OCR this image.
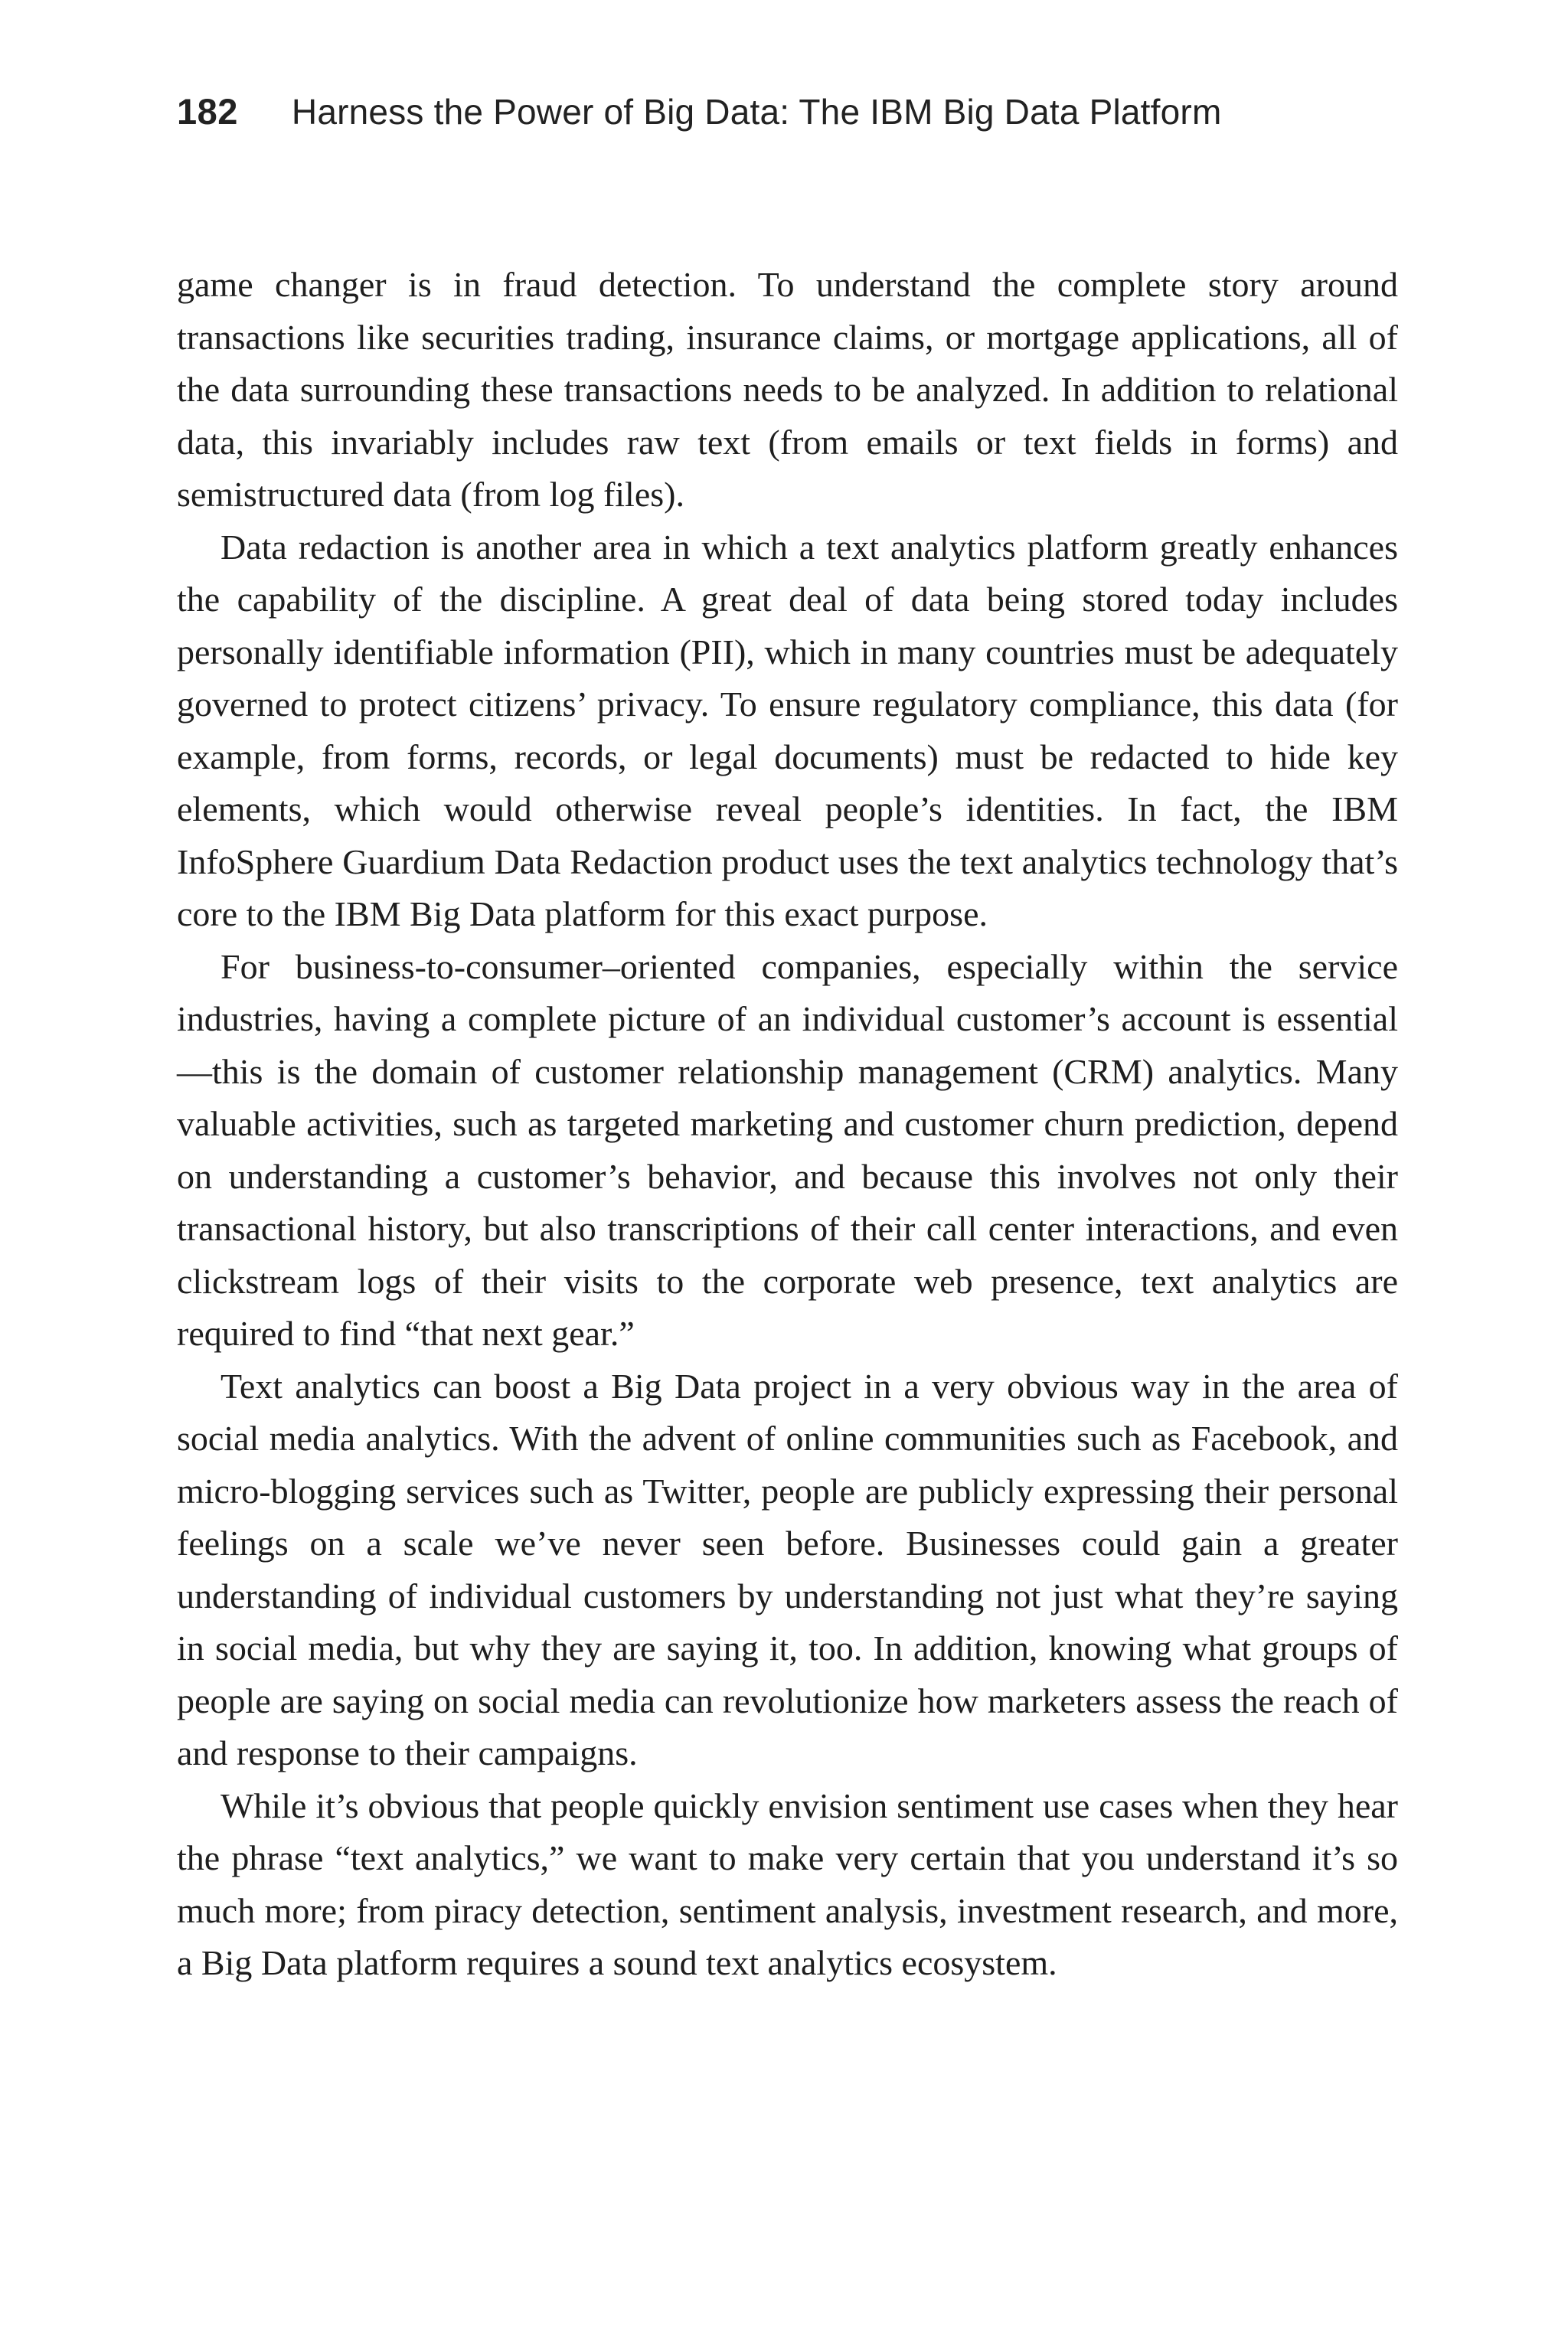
182 Harness the Power of Big Data: The IBM Big Data Platform

game changer is in fraud detection. To understand the complete story around transactions like securities trading, insurance claims, or mortgage applications, all of the data surrounding these transactions needs to be analyzed. In addition to relational data, this invariably includes raw text (from emails or text fields in forms) and semistructured data (from log files).

Data redaction is another area in which a text analytics platform greatly enhances the capability of the discipline. A great deal of data being stored today includes personally identifiable information (PII), which in many countries must be adequately governed to protect citizens’ privacy. To ensure regulatory compliance, this data (for example, from forms, records, or legal documents) must be redacted to hide key elements, which would otherwise reveal people’s identities. In fact, the IBM InfoSphere Guardium Data Redaction product uses the text analytics technology that’s core to the IBM Big Data platform for this exact purpose.

For business-to-consumer–oriented companies, especially within the service industries, having a complete picture of an individual customer’s account is essential—this is the domain of customer relationship management (CRM) analytics. Many valuable activities, such as targeted marketing and customer churn prediction, depend on understanding a customer’s behavior, and because this involves not only their transactional history, but also transcriptions of their call center interactions, and even clickstream logs of their visits to the corporate web presence, text analytics are required to find “that next gear.”

Text analytics can boost a Big Data project in a very obvious way in the area of social media analytics. With the advent of online communities such as Facebook, and micro-blogging services such as Twitter, people are publicly expressing their personal feelings on a scale we’ve never seen before. Businesses could gain a greater understanding of individual customers by understanding not just what they’re saying in social media, but why they are saying it, too. In addition, knowing what groups of people are saying on social media can revolutionize how marketers assess the reach of and response to their campaigns.

While it’s obvious that people quickly envision sentiment use cases when they hear the phrase “text analytics,” we want to make very certain that you understand it’s so much more; from piracy detection, sentiment analysis, investment research, and more, a Big Data platform requires a sound text analytics ecosystem.
